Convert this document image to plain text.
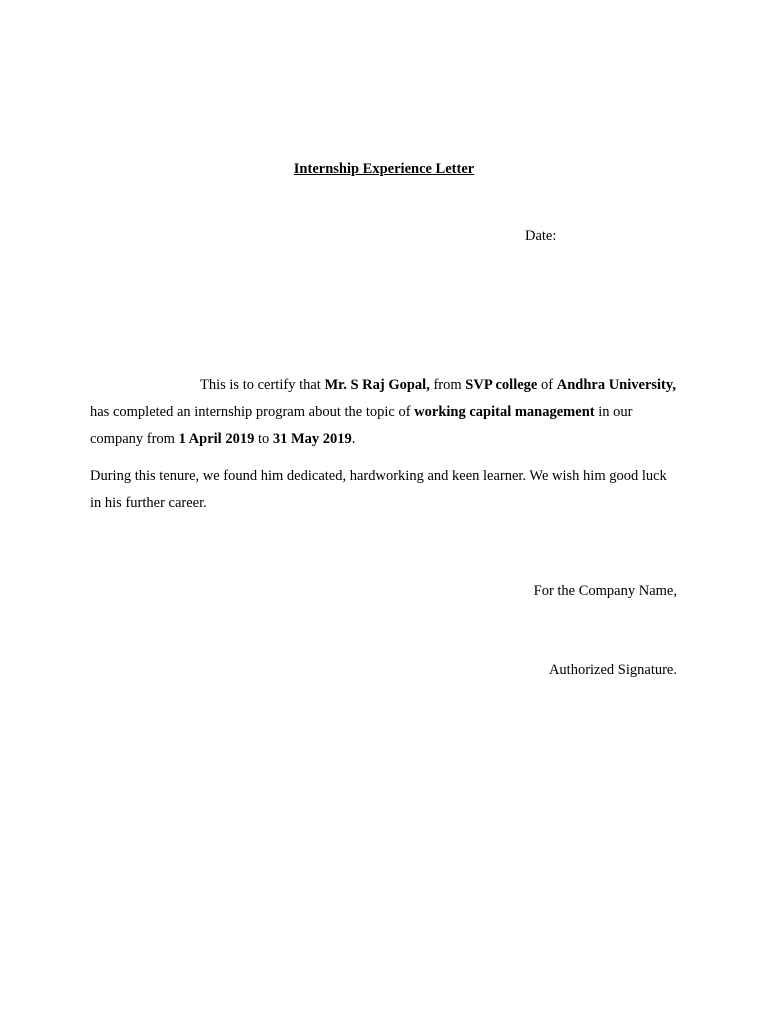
Internship Experience Letter
Date:

This is to certify that Mr. S Raj Gopal, from SVP college of Andhra University, has completed an internship program about the topic of working capital management in our company from 1 April 2019 to 31 May 2019.

During this tenure, we found him dedicated, hardworking and keen learner. We wish him good luck in his further career.

For the Company Name,
Authorized Signature.
